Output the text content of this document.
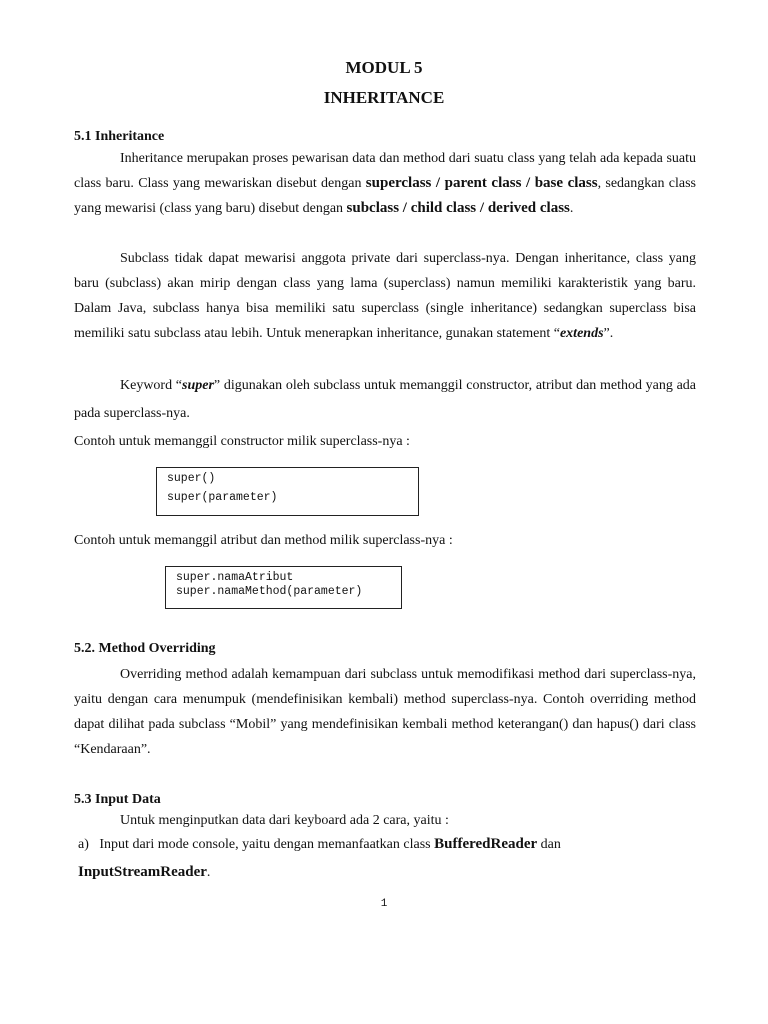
MODUL 5

INHERITANCE

5.1 Inheritance

Inheritance merupakan proses pewarisan data dan method dari suatu class yang telah ada kepada suatu class baru. Class yang mewariskan disebut dengan superclass / parent class / base class, sedangkan class yang mewarisi (class yang baru) disebut dengan subclass / child class / derived class.

Subclass tidak dapat mewarisi anggota private dari superclass-nya. Dengan inheritance, class yang baru (subclass) akan mirip dengan class yang lama (superclass) namun memiliki karakteristik yang baru. Dalam Java, subclass hanya bisa memiliki satu superclass (single inheritance) sedangkan superclass bisa memiliki satu subclass atau lebih. Untuk menerapkan inheritance, gunakan statement “extends”.

Keyword “super” digunakan oleh subclass untuk memanggil constructor, atribut dan method yang ada pada superclass-nya.

Contoh untuk memanggil constructor milik superclass-nya :

super()
super(parameter)

Contoh untuk memanggil atribut dan method milik superclass-nya :

super.namaAtribut
super.namaMethod(parameter)

5.2. Method Overriding

Overriding method adalah kemampuan dari subclass untuk memodifikasi method dari superclass-nya, yaitu dengan cara menumpuk (mendefinisikan kembali) method superclass-nya. Contoh overriding method dapat dilihat pada subclass “Mobil” yang mendefinisikan kembali method keterangan() dan hapus() dari class “Kendaraan”.

5.3 Input Data

Untuk menginputkan data dari keyboard ada 2 cara, yaitu :

a) Input dari mode console, yaitu dengan memanfaatkan class BufferedReader dan

InputStreamReader.

1
